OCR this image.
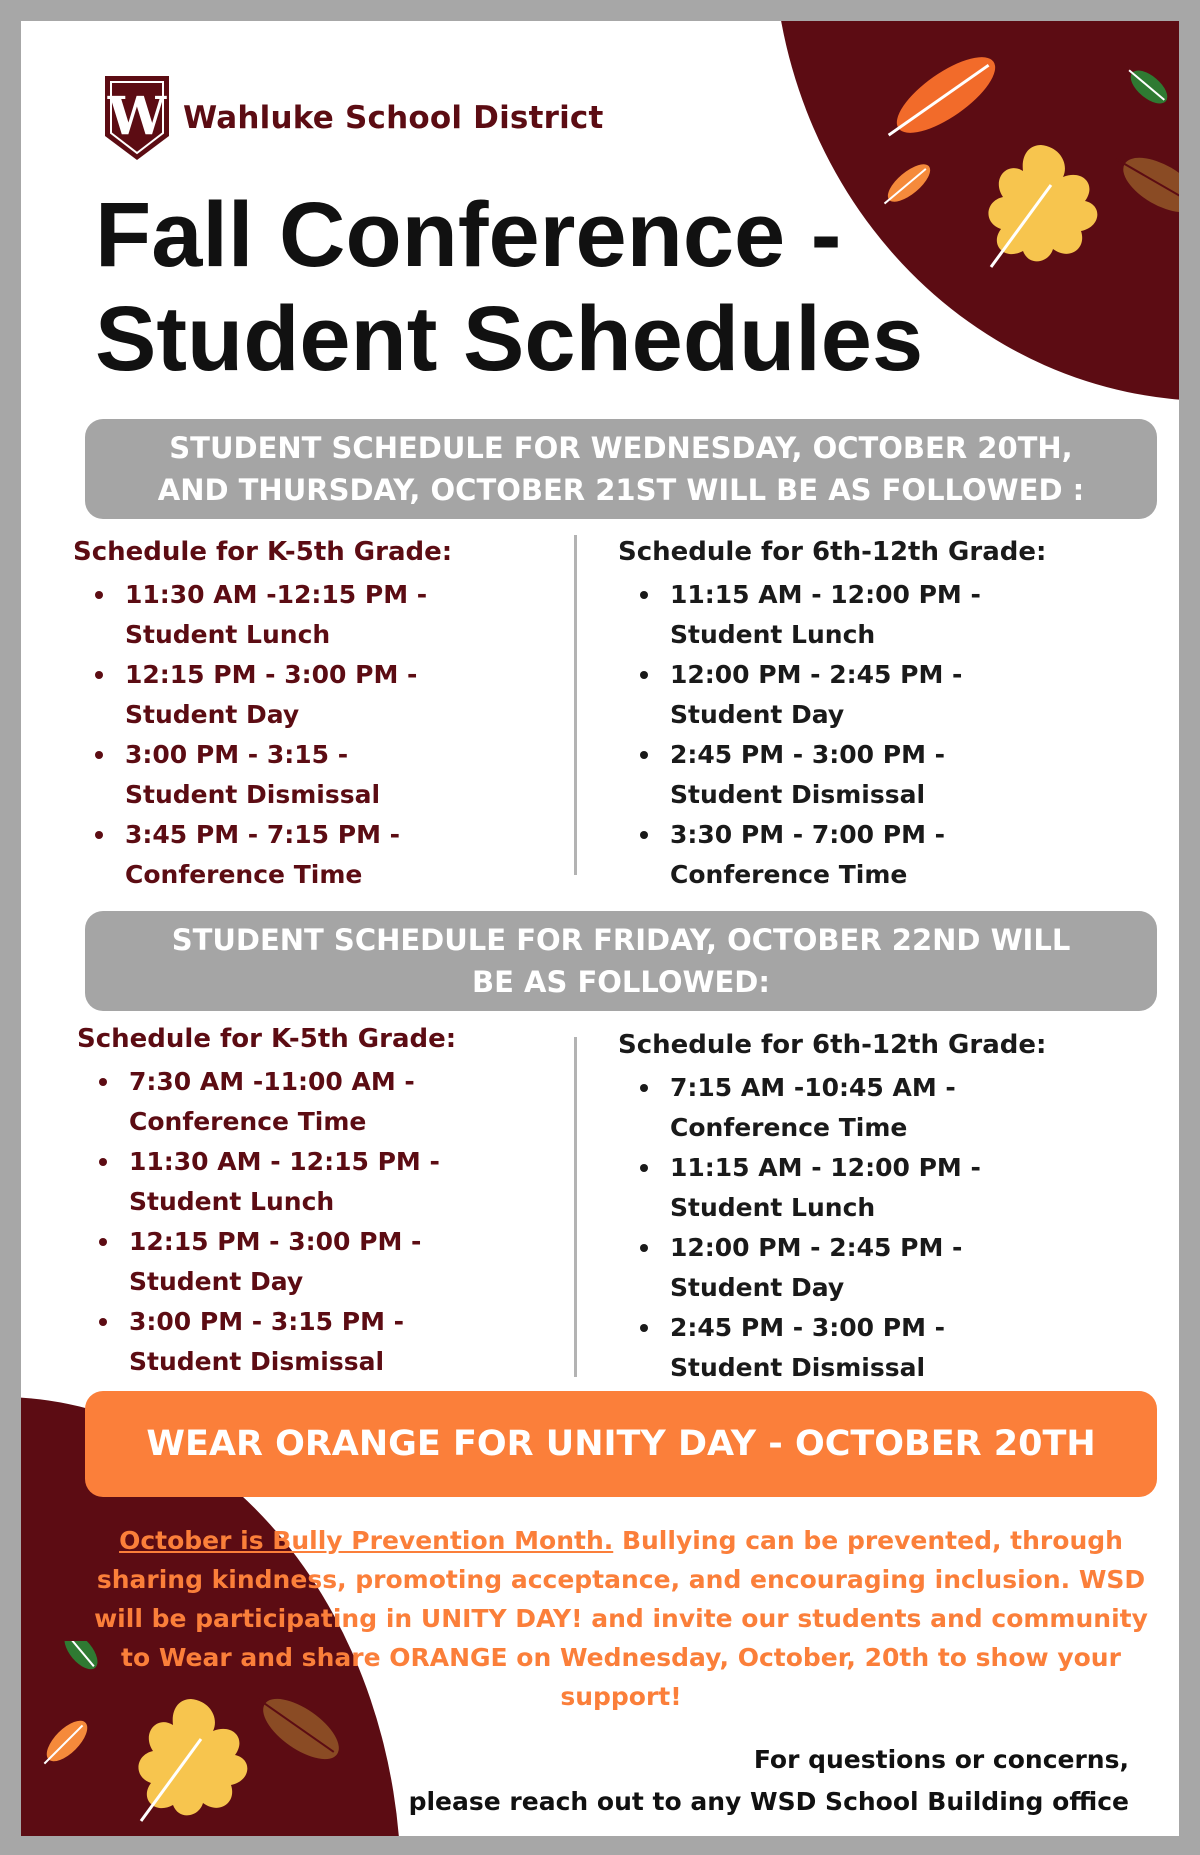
W Wahluke School District
Fall Conference -
Student Schedules
STUDENT SCHEDULE FOR WEDNESDAY, OCTOBER 20TH,
AND THURSDAY, OCTOBER 21ST WILL BE AS FOLLOWED :

Schedule for K-5th Grade:

11:30 AM -12:15 PM -
Student Lunch
12:15 PM - 3:00 PM -
Student Day
3:00 PM - 3:15 -
Student Dismissal
3:45 PM - 7:15 PM -
Conference Time

Schedule for 6th-12th Grade:

11:15 AM - 12:00 PM -
Student Lunch
12:00 PM - 2:45 PM -
Student Day
2:45 PM - 3:00 PM -
Student Dismissal
3:30 PM - 7:00 PM -
Conference Time
STUDENT SCHEDULE FOR FRIDAY, OCTOBER 22ND WILL
BE AS FOLLOWED:

Schedule for K-5th Grade:

7:30 AM -11:00 AM -
Conference Time
11:30 AM - 12:15 PM -
Student Lunch
12:15 PM - 3:00 PM -
Student Day
3:00 PM - 3:15 PM -
Student Dismissal

Schedule for 6th-12th Grade:

7:15 AM -10:45 AM -
Conference Time
11:15 AM - 12:00 PM -
Student Lunch
12:00 PM - 2:45 PM -
Student Day
2:45 PM - 3:00 PM -
Student Dismissal
WEAR ORANGE FOR UNITY DAY - OCTOBER 20TH
October is Bully Prevention Month. Bullying can be prevented, through sharing kindness, promoting acceptance, and encouraging inclusion. WSD will be participating in UNITY DAY! and invite our students and community to Wear and share ORANGE on Wednesday, October, 20th to show your support!
For questions or concerns,
please reach out to any WSD School Building office
